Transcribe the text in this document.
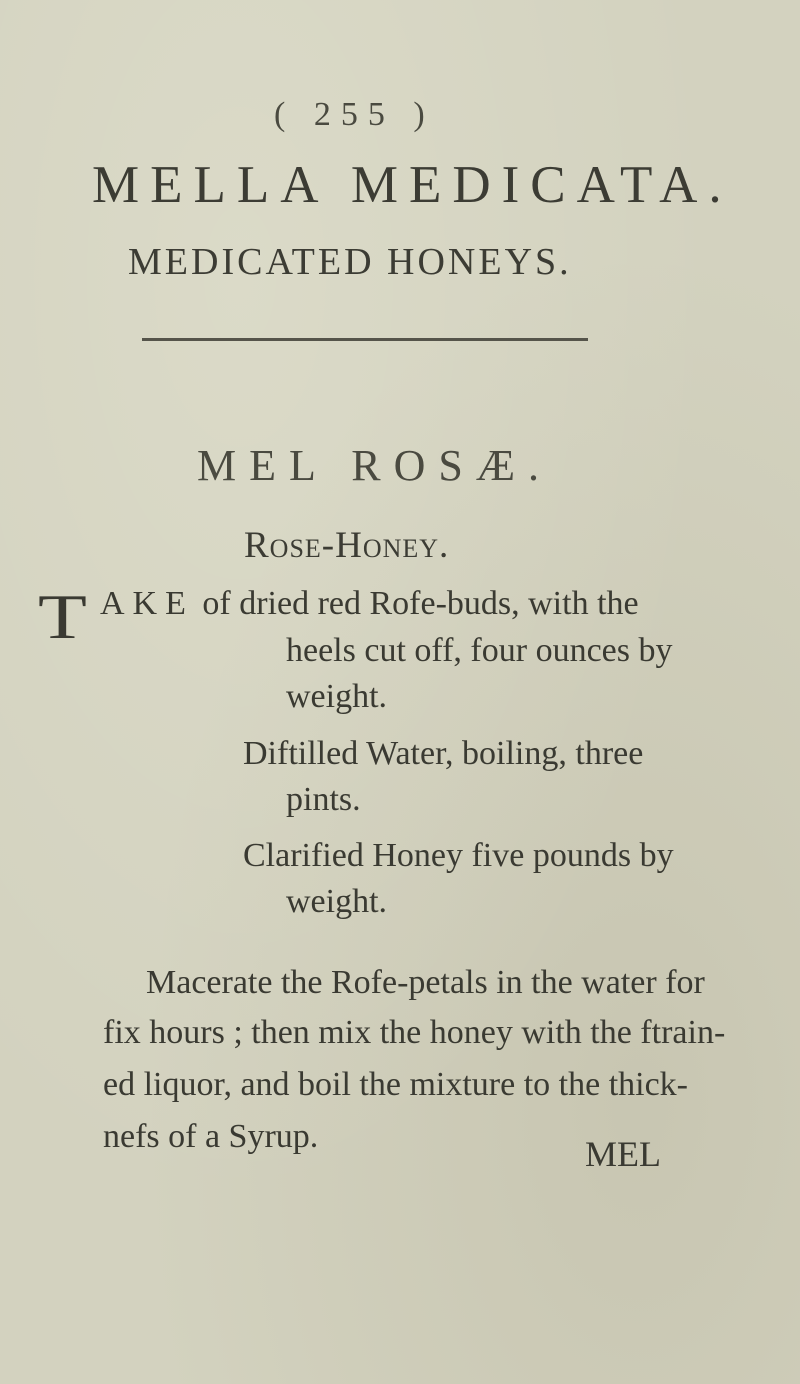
( 255 )
MELLA MEDICATA.
MEDICATED HONEYS.
MEL ROSÆ.
Rose-Honey.
T AKE of dried red Rofe-buds, with the
heels cut off, four ounces by
weight.
Diftilled Water, boiling, three
pints.
Clarified Honey five pounds by
weight.
Macerate the Rofe-petals in the water for
fix hours ; then mix the honey with the ftrain-
ed liquor, and boil the mixture to the thick-
nefs of a Syrup.	MEL
